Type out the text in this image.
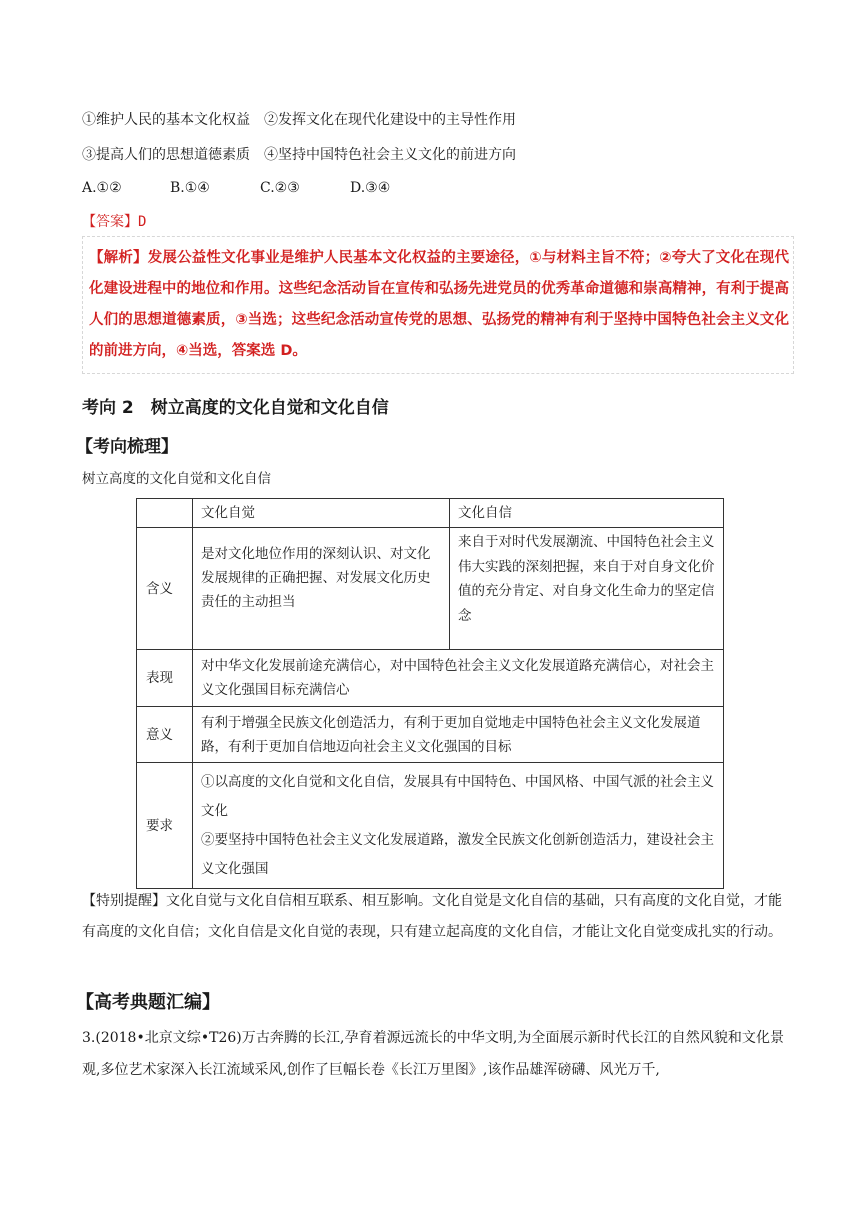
①维护人民的基本文化权益　②发挥文化在现代化建设中的主导性作用
③提高人们的思想道德素质　④坚持中国特色社会主义文化的前进方向
A.①②	B.①④	C.②③	D.③④
【答案】D
【解析】发展公益性文化事业是维护人民基本文化权益的主要途径，①与材料主旨不符；②夸大了文化在现代化建设进程中的地位和作用。这些纪念活动旨在宣传和弘扬先进党员的优秀革命道德和崇高精神，有利于提高人们的思想道德素质，③当选；这些纪念活动宣传党的思想、弘扬党的精神有利于坚持中国特色社会主义文化的前进方向，④当选，答案选 D。
考向 2　树立高度的文化自觉和文化自信
【考向梳理】
树立高度的文化自觉和文化自信
	文化自觉	文化自信
含义	是对文化地位作用的深刻认识、对文化发展规律的正确把握、对发展文化历史责任的主动担当	来自于对时代发展潮流、中国特色社会主义伟大实践的深刻把握，来自于对自身文化价值的充分肯定、对自身文化生命力的坚定信念
表现	对中华文化发展前途充满信心，对中国特色社会主义文化发展道路充满信心，对社会主义文化强国目标充满信心	
意义	有利于增强全民族文化创造活力，有利于更加自觉地走中国特色社会主义文化发展道路，有利于更加自信地迈向社会主义文化强国的目标	
要求	①以高度的文化自觉和文化自信，发展具有中国特色、中国风格、中国气派的社会主义文化
②要坚持中国特色社会主义文化发展道路，激发全民族文化创新创造活力，建设社会主义文化强国	
【特别提醒】文化自觉与文化自信相互联系、相互影响。文化自觉是文化自信的基础，只有高度的文化自觉，才能有高度的文化自信；文化自信是文化自觉的表现，只有建立起高度的文化自信，才能让文化自觉变成扎实的行动。
【高考典题汇编】
3.(2018•北京文综•T26)万古奔腾的长江,孕育着源远流长的中华文明,为全面展示新时代长江的自然风貌和文化景观,多位艺术家深入长江流域采风,创作了巨幅长卷《长江万里图》,该作品雄浑磅礴、风光万千,
